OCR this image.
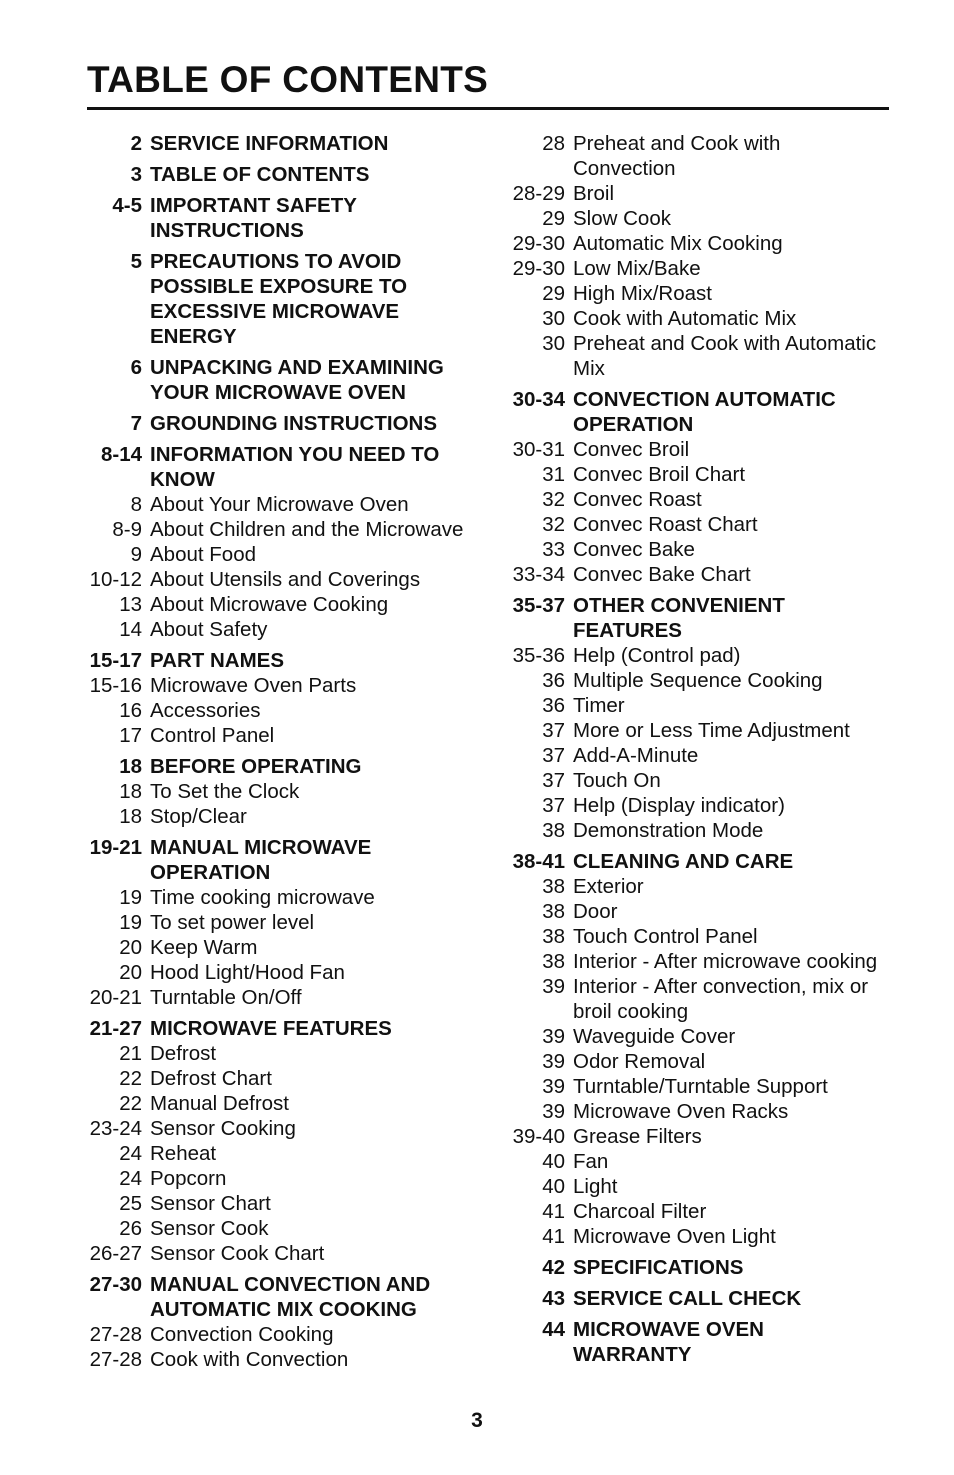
TABLE OF CONTENTS
2 SERVICE INFORMATION
3 TABLE OF CONTENTS
4-5 IMPORTANT SAFETY INSTRUCTIONS
5 PRECAUTIONS TO AVOID POSSIBLE EXPOSURE TO EXCESSIVE MICROWAVE ENERGY
6 UNPACKING AND EXAMINING YOUR MICROWAVE OVEN
7 GROUNDING INSTRUCTIONS
8-14 INFORMATION YOU NEED TO KNOW
8 About Your Microwave Oven
8-9 About Children and the Microwave
9 About Food
10-12 About Utensils and Coverings
13 About Microwave Cooking
14 About Safety
15-17 PART NAMES
15-16 Microwave Oven Parts
16 Accessories
17 Control Panel
18 BEFORE OPERATING
18 To Set the Clock
18 Stop/Clear
19-21 MANUAL MICROWAVE OPERATION
19 Time cooking microwave
19 To set power level
20 Keep Warm
20 Hood Light/Hood Fan
20-21 Turntable On/Off
21-27 MICROWAVE FEATURES
21 Defrost
22 Defrost Chart
22 Manual Defrost
23-24 Sensor Cooking
24 Reheat
24 Popcorn
25 Sensor Chart
26 Sensor Cook
26-27 Sensor Cook Chart
27-30 MANUAL CONVECTION AND AUTOMATIC MIX COOKING
27-28 Convection Cooking
27-28 Cook with Convection
28 Preheat and Cook with Convection
28-29 Broil
29 Slow Cook
29-30 Automatic Mix Cooking
29-30 Low Mix/Bake
29 High Mix/Roast
30 Cook with Automatic Mix
30 Preheat and Cook with Automatic Mix
30-34 CONVECTION AUTOMATIC OPERATION
30-31 Convec Broil
31 Convec Broil Chart
32 Convec Roast
32 Convec Roast Chart
33 Convec Bake
33-34 Convec Bake Chart
35-37 OTHER CONVENIENT FEATURES
35-36 Help (Control pad)
36 Multiple Sequence Cooking
36 Timer
37 More or Less Time Adjustment
37 Add-A-Minute
37 Touch On
37 Help (Display indicator)
38 Demonstration Mode
38-41 CLEANING AND CARE
38 Exterior
38 Door
38 Touch Control Panel
38 Interior - After microwave cooking
39 Interior - After convection, mix or broil cooking
39 Waveguide Cover
39 Odor Removal
39 Turntable/Turntable Support
39 Microwave Oven Racks
39-40 Grease Filters
40 Fan
40 Light
41 Charcoal Filter
41 Microwave Oven Light
42 SPECIFICATIONS
43 SERVICE CALL CHECK
44 MICROWAVE OVEN WARRANTY
3
